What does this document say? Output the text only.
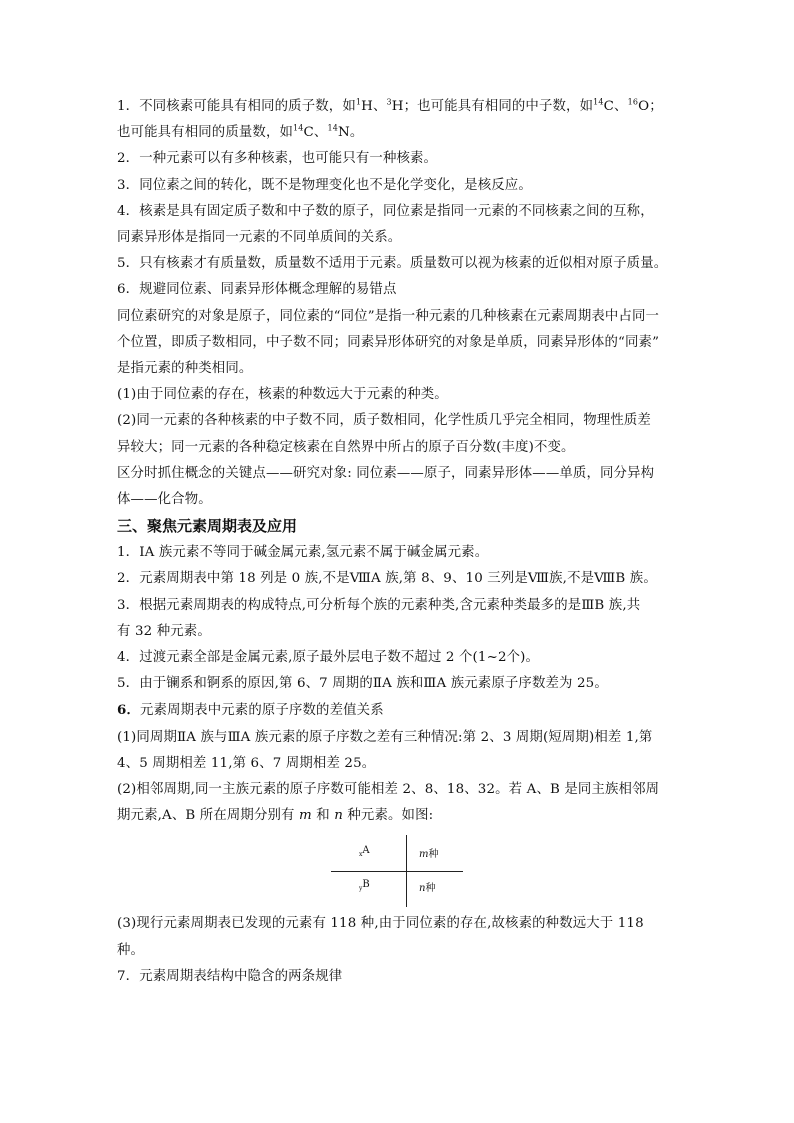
1．不同核素可能具有相同的质子数，如$^1$H、$^3$H；也可能具有相同的中子数，如$^{14}$C、$^{16}$O；
也可能具有相同的质量数，如$^{14}$C、$^{14}$N。
2．一种元素可以有多种核素，也可能只有一种核素。
3．同位素之间的转化，既不是物理变化也不是化学变化，是核反应。
4．核素是具有固定质子数和中子数的原子，同位素是指同一元素的不同核素之间的互称，
同素异形体是指同一元素的不同单质间的关系。
5．只有核素才有质量数，质量数不适用于元素。质量数可以视为核素的近似相对原子质量。
6．规避同位素、同素异形体概念理解的易错点
同位素研究的对象是原子，同位素的“同位”是指一种元素的几种核素在元素周期表中占同一
个位置，即质子数相同，中子数不同；同素异形体研究的对象是单质，同素异形体的“同素”
是指元素的种类相同。
(1)由于同位素的存在，核素的种数远大于元素的种类。
(2)同一元素的各种核素的中子数不同，质子数相同，化学性质几乎完全相同，物理性质差
异较大；同一元素的各种稳定核素在自然界中所占的原子百分数(丰度)不变。
区分时抓住概念的关键点——研究对象: 同位素——原子，同素异形体——单质，同分异构
体——化合物。
三、聚焦元素周期表及应用
1．ⅠA 族元素不等同于碱金属元素,氢元素不属于碱金属元素。
2．元素周期表中第 18 列是 0 族,不是ⅧA 族,第 8、9、10 三列是Ⅷ族,不是ⅧB 族。
3．根据元素周期表的构成特点,可分析每个族的元素种类,含元素种类最多的是ⅢB 族,共
有 32 种元素。
4．过渡元素全部是金属元素,原子最外层电子数不超过 2 个(1~2个)。
5．由于镧系和锕系的原因,第 6、7 周期的ⅡA 族和ⅢA 族元素原子序数差为 25。
6．元素周期表中元素的原子序数的差值关系
(1)同周期ⅡA 族与ⅢA 族元素的原子序数之差有三种情况:第 2、3 周期(短周期)相差 1,第
4、5 周期相差 11,第 6、7 周期相差 25。
(2)相邻周期,同一主族元素的原子序数可能相差 2、8、18、32。若 A、B 是同主族相邻周
期元素,A、B 所在周期分别有 m 和 n 种元素。如图:
$_x$A	m种
$_y$B	n种
(3)现行元素周期表已发现的元素有 118 种,由于同位素的存在,故核素的种数远大于 118
种。
7．元素周期表结构中隐含的两条规律
